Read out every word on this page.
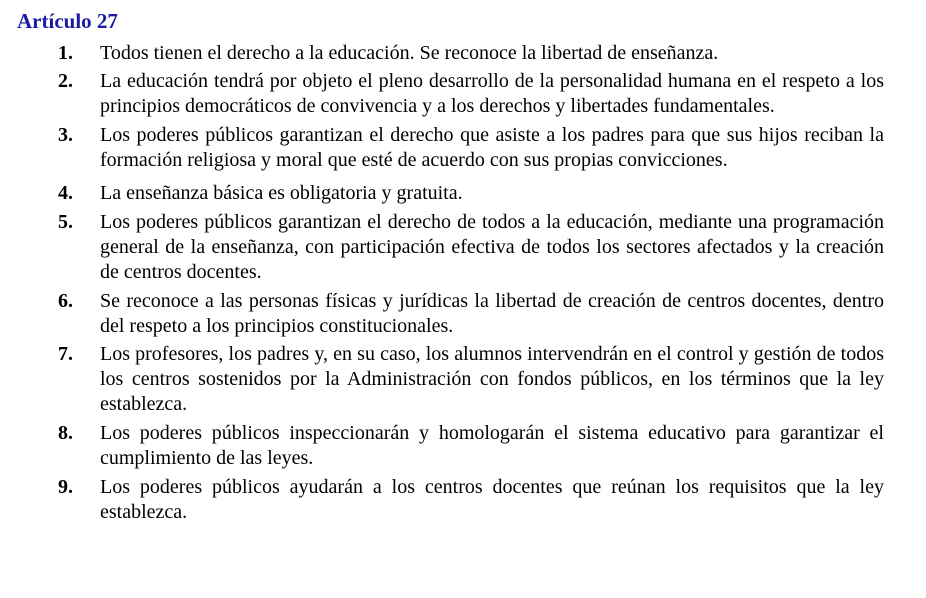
Artículo 27
1. Todos tienen el derecho a la educación. Se reconoce la libertad de enseñanza.
2. La educación tendrá por objeto el pleno desarrollo de la personalidad humana en el respeto a los principios democráticos de convivencia y a los derechos y libertades fundamentales.
3. Los poderes públicos garantizan el derecho que asiste a los padres para que sus hijos reciban la formación religiosa y moral que esté de acuerdo con sus propias convicciones.
4. La enseñanza básica es obligatoria y gratuita.
5. Los poderes públicos garantizan el derecho de todos a la educación, mediante una programación general de la enseñanza, con participación efectiva de todos los sectores afectados y la creación de centros docentes.
6. Se reconoce a las personas físicas y jurídicas la libertad de creación de centros docentes, dentro del respeto a los principios constitucionales.
7. Los profesores, los padres y, en su caso, los alumnos intervendrán en el control y gestión de todos los centros sostenidos por la Administración con fondos públicos, en los términos que la ley establezca.
8. Los poderes públicos inspeccionarán y homologarán el sistema educativo para garantizar el cumplimiento de las leyes.
9. Los poderes públicos ayudarán a los centros docentes que reúnan los requisitos que la ley establezca.
